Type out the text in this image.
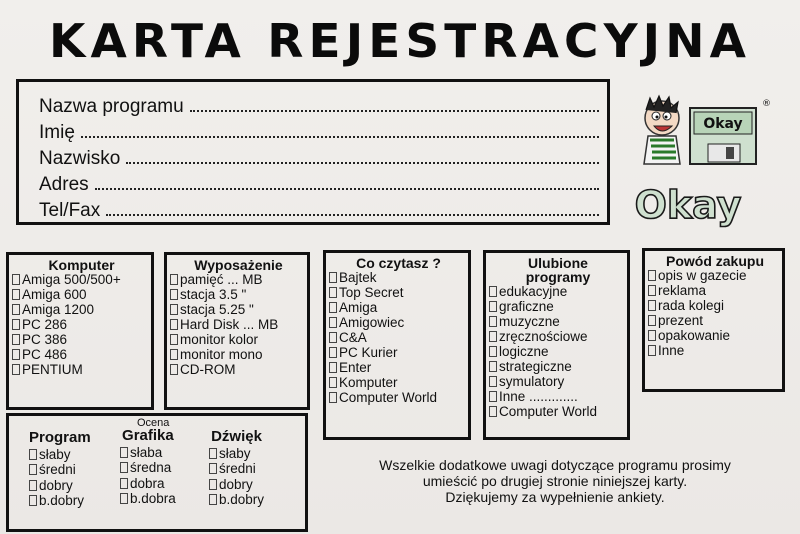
KARTA REJESTRACYJNA
Nazwa programu
Imię
Nazwisko
Adres
Tel/Fax
Okay
®
Okay
Komputer
Amiga 500/500+
Amiga 600
Amiga 1200
PC 286
PC 386
PC 486
PENTIUM
Wyposażenie
pamięć ... MB
stacja 3.5 "
stacja 5.25 "
Hard Disk ... MB
monitor kolor
monitor mono
CD-ROM
Co czytasz ?
Bajtek
Top Secret
Amiga
Amigowiec
C&A
PC Kurier
Enter
Komputer
Computer World
Ulubione programy
edukacyjne
graficzne
muzyczne
zręcznościowe
logiczne
strategiczne
symulatory
Inne .............
Computer World
Powód zakupu
opis w gazecie
reklama
rada kolegi
prezent
opakowanie
Inne
Ocena
Program
słaby
średni
dobry
b.dobry
Grafika
słaba
średna
dobra
b.dobra
Dźwięk
słaby
średni
dobry
b.dobry
Wszelkie dodatkowe uwagi dotyczące programu prosimy
umieścić po drugiej stronie niniejszej karty.
Dziękujemy za wypełnienie ankiety.
